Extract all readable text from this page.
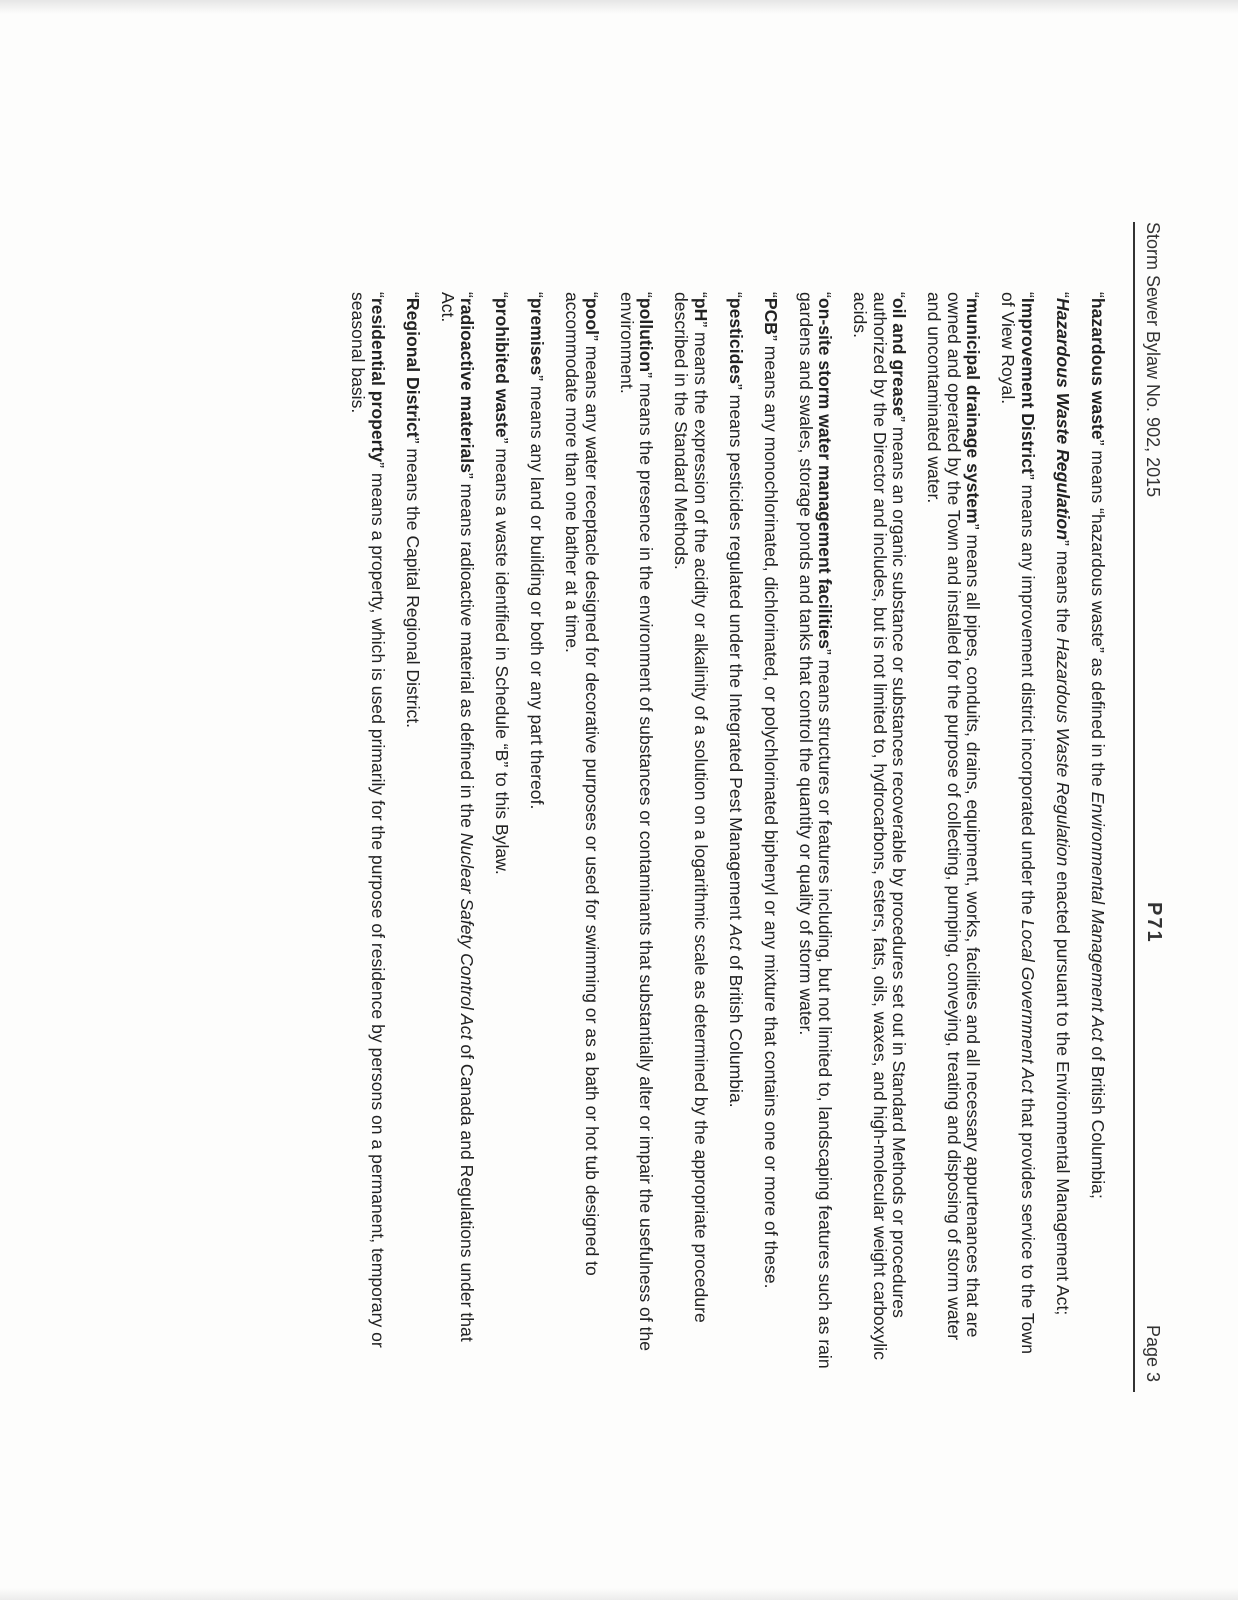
Storm Sewer Bylaw No. 902, 2015
P71
Page 3

“hazardous waste” means “hazardous waste” as defined in the Environmental Management Act of British Columbia;

“Hazardous Waste Regulation” means the Hazardous Waste Regulation enacted pursuant to the Environmental Management Act;

“Improvement District” means any improvement district incorporated under the Local Government Act that provides service to the Town of View Royal.

“municipal drainage system” means all pipes, conduits, drains, equipment, works, facilities and all necessary appurtenances that are owned and operated by the Town and installed for the purpose of collecting, pumping, conveying, treating and disposing of storm water and uncontaminated water.

“oil and grease” means an organic substance or substances recoverable by procedures set out in Standard Methods or procedures authorized by the Director and includes, but is not limited to, hydrocarbons, esters, fats, oils, waxes, and high-molecular weight carboxylic acids.

“on-site storm water management facilities” means structures or features including, but not limited to, landscaping features such as rain gardens and swales, storage ponds and tanks that control the quantity or quality of storm water.

“PCB” means any monochlorinated, dichlorinated, or polychlorinated biphenyl or any mixture that contains one or more of these.

“pesticides” means pesticides regulated under the Integrated Pest Management Act of British Columbia.

“pH” means the expression of the acidity or alkalinity of a solution on a logarithmic scale as determined by the appropriate procedure described in the Standard Methods.

“pollution” means the presence in the environment of substances or contaminants that substantially alter or impair the usefulness of the environment.

“pool” means any water receptacle designed for decorative purposes or used for swimming or as a bath or hot tub designed to accommodate more than one bather at a time.

“premises” means any land or building or both or any part thereof.

“prohibited waste” means a waste identified in Schedule “B” to this Bylaw.

“radioactive materials” means radioactive material as defined in the Nuclear Safety Control Act of Canada and Regulations under that Act.

“Regional District” means the Capital Regional District.

“residential property” means a property, which is used primarily for the purpose of residence by persons on a permanent, temporary or seasonal basis.
